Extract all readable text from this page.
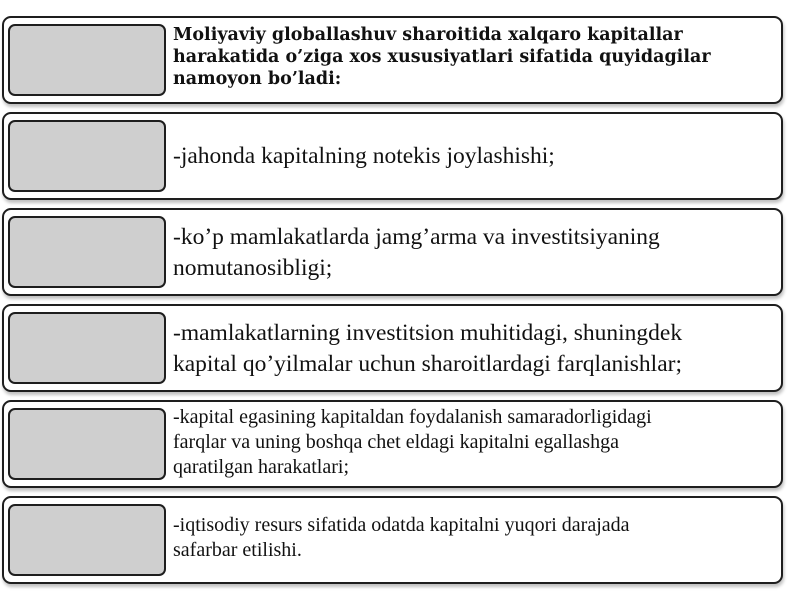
Moliyaviy globallashuv sharoitida xalqaro kapitallar
harakatida o’ziga xos xususiyatlari sifatida quyidagilar
namoyon bo’ladi:
-jahonda kapitalning notekis joylashishi;
-ko’p mamlakatlarda jamg’arma va investitsiyaning
nomutanosibligi;
-mamlakatlarning investitsion muhitidagi, shuningdek
kapital qo’yilmalar uchun sharoitlardagi farqlanishlar;
-kapital egasining kapitaldan foydalanish samaradorligidagi
farqlar va uning boshqa chet eldagi kapitalni egallashga
qaratilgan harakatlari;
-iqtisodiy resurs sifatida odatda kapitalni yuqori darajada
safarbar etilishi.
